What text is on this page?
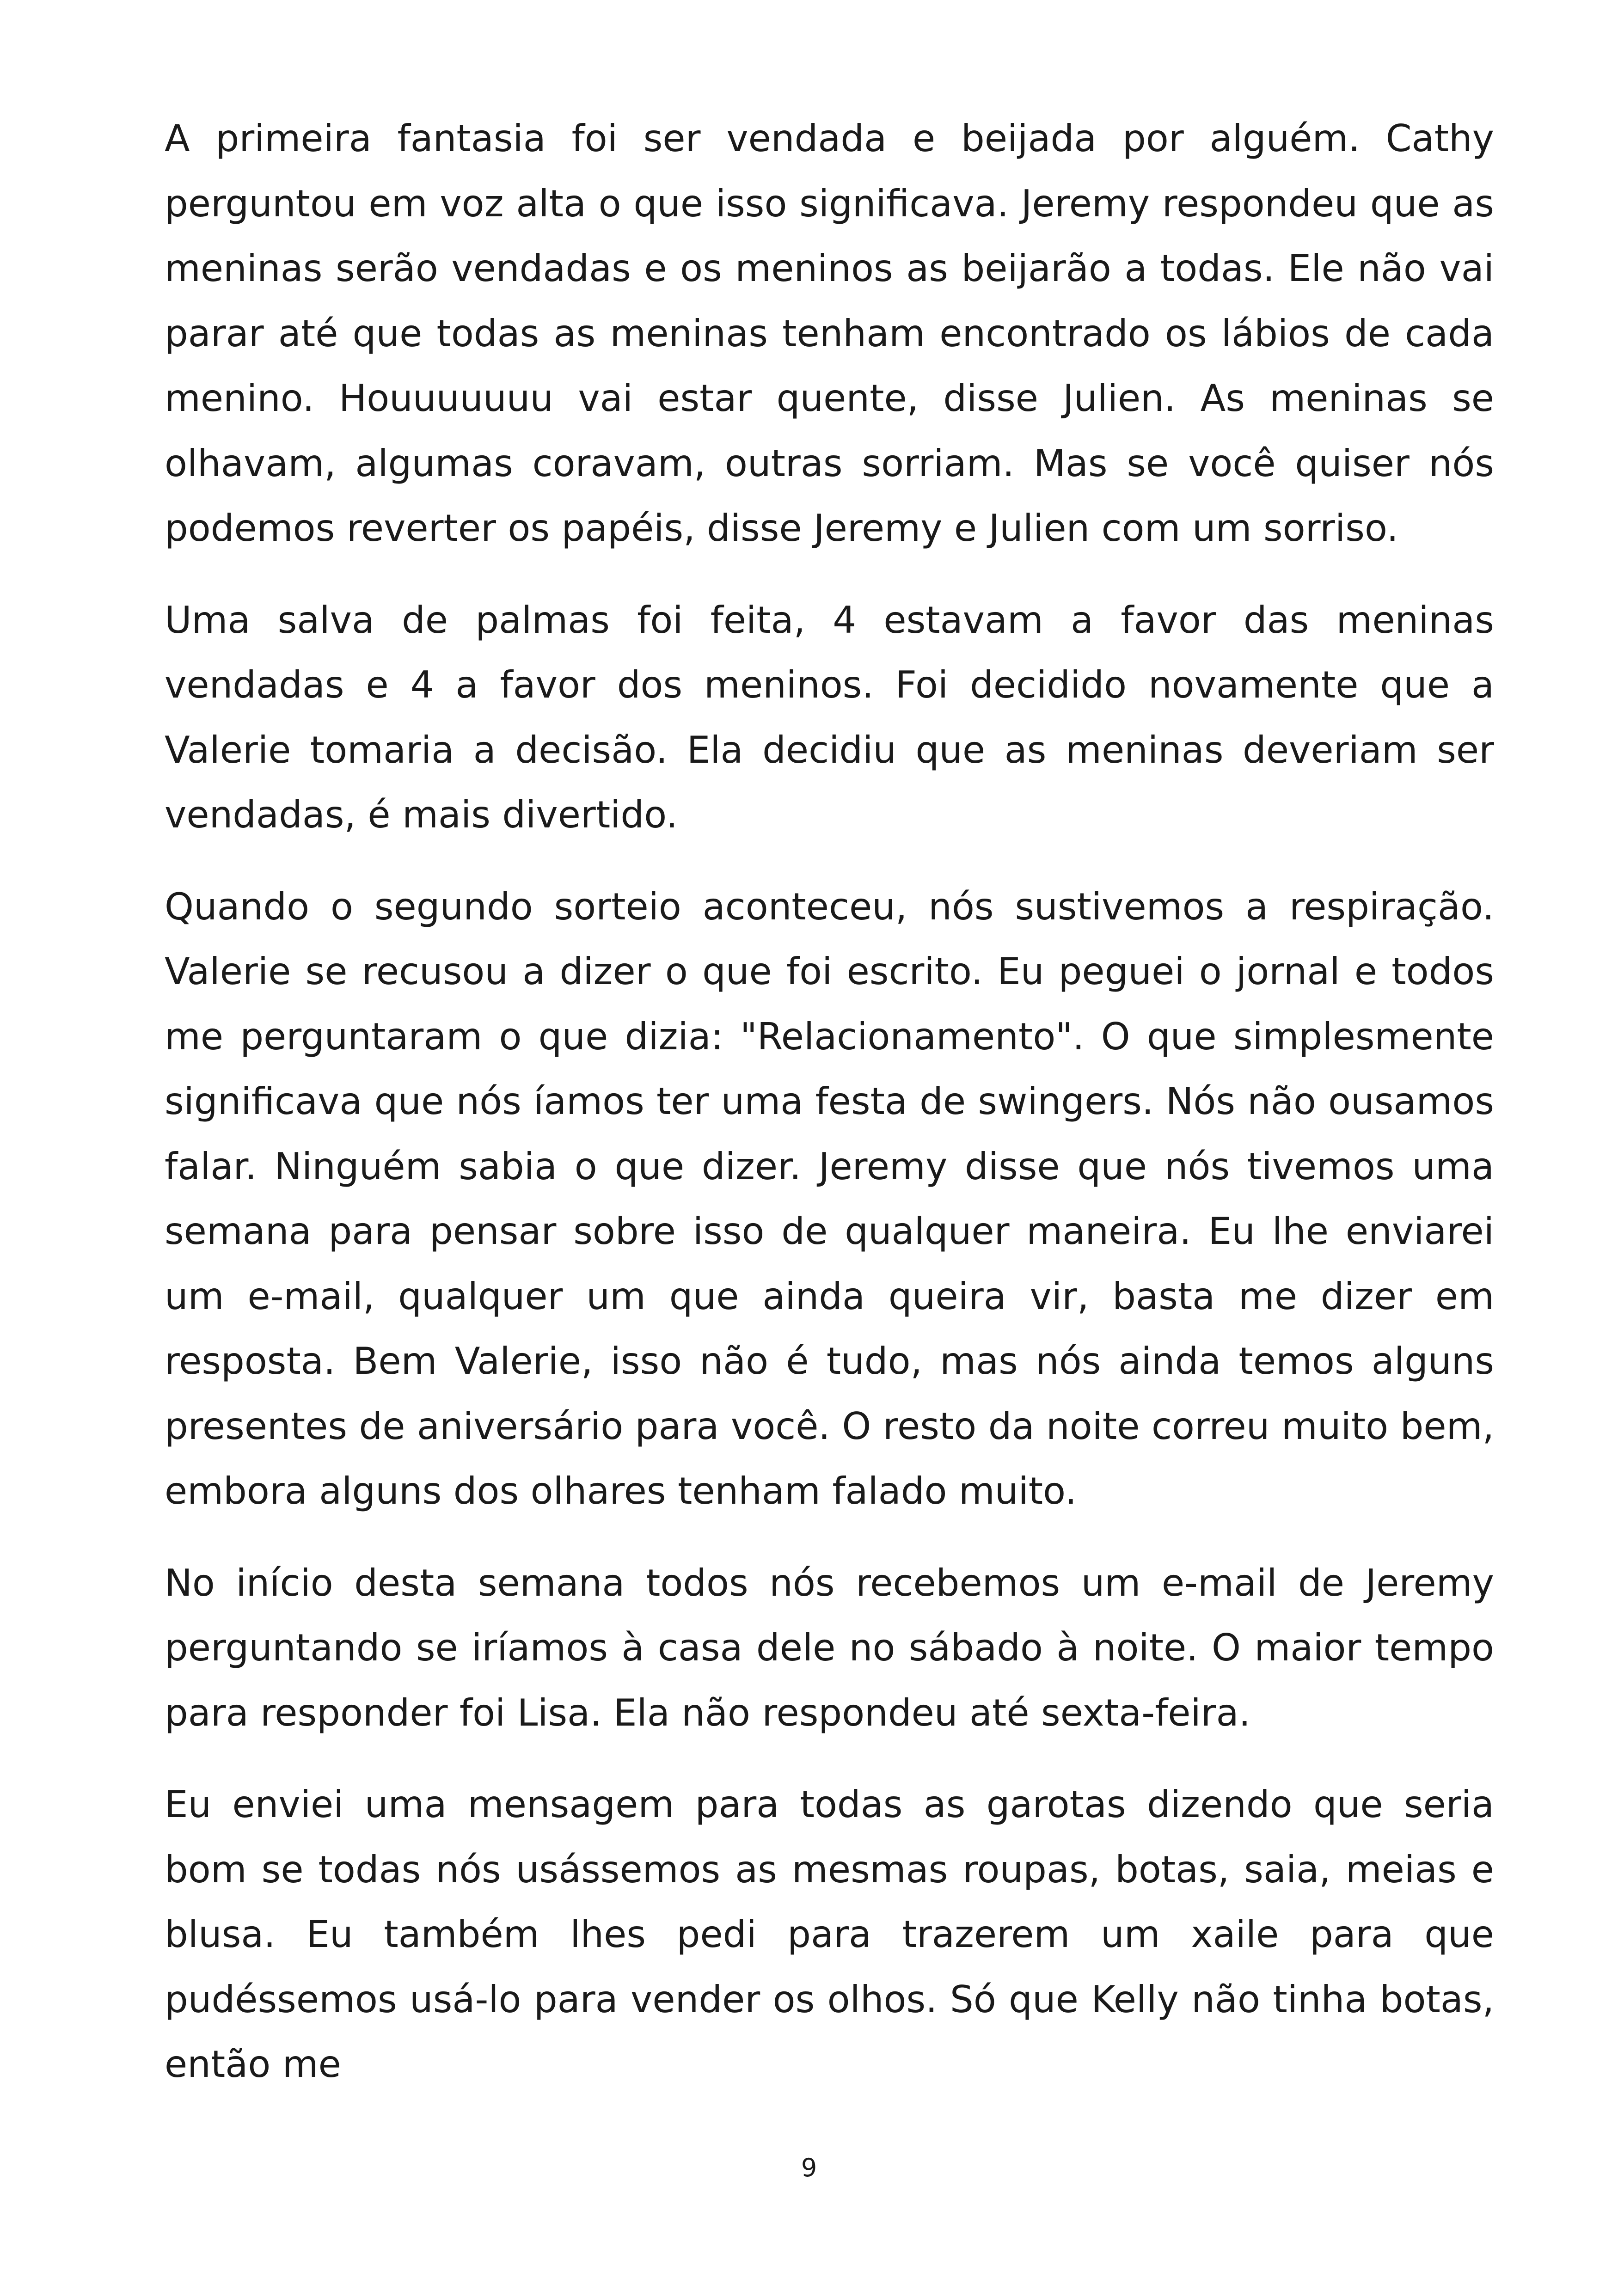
A primeira fantasia foi ser vendada e beijada por alguém. Cathy perguntou em voz alta o que isso significava. Jeremy respondeu que as meninas serão vendadas e os meninos as beijarão a todas. Ele não vai parar até que todas as meninas tenham encontrado os lábios de cada menino. Houuuuuuu vai estar quente, disse Julien. As meninas se olhavam, algumas coravam, outras sorriam. Mas se você quiser nós podemos reverter os papéis, disse Jeremy e Julien com um sorriso.

Uma salva de palmas foi feita, 4 estavam a favor das meninas vendadas e 4 a favor dos meninos. Foi decidido novamente que a Valerie tomaria a decisão. Ela decidiu que as meninas deveriam ser vendadas, é mais divertido.

Quando o segundo sorteio aconteceu, nós sustivemos a respiração. Valerie se recusou a dizer o que foi escrito. Eu peguei o jornal e todos me perguntaram o que dizia: "Relacionamento". O que simplesmente significava que nós íamos ter uma festa de swingers. Nós não ousamos falar. Ninguém sabia o que dizer. Jeremy disse que nós tivemos uma semana para pensar sobre isso de qualquer maneira. Eu lhe enviarei um e-mail, qualquer um que ainda queira vir, basta me dizer em resposta. Bem Valerie, isso não é tudo, mas nós ainda temos alguns presentes de aniversário para você. O resto da noite correu muito bem, embora alguns dos olhares tenham falado muito.

No início desta semana todos nós recebemos um e-mail de Jeremy perguntando se iríamos à casa dele no sábado à noite. O maior tempo para responder foi Lisa. Ela não respondeu até sexta-feira.

Eu enviei uma mensagem para todas as garotas dizendo que seria bom se todas nós usássemos as mesmas roupas, botas, saia, meias e blusa. Eu também lhes pedi para trazerem um xaile para que pudéssemos usá-lo para vender os olhos. Só que Kelly não tinha botas, então me

9
